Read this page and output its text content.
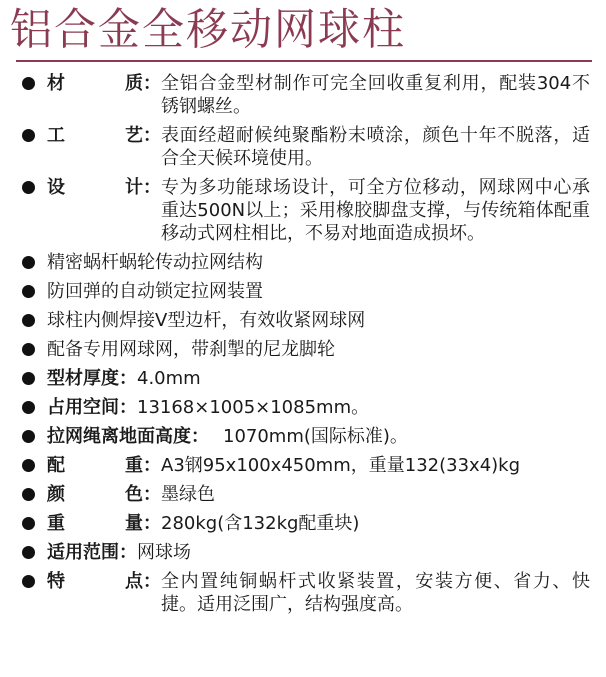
铝合金全移动网球柱
材	质 ： 全铝合金型材制作可完全回收重复利用，配装304不锈钢螺丝。
工	艺 ： 表面经超耐候纯聚酯粉末喷涂，颜色十年不脱落，适合全天候环境使用。
设	计 ： 专为多功能球场设计，可全方位移动，网球网中心承重达500N以上；采用橡胶脚盘支撑，与传统箱体配重移动式网柱相比，不易对地面造成损坏。
精密蜗杆蜗轮传动拉网结构
防回弹的自动锁定拉网装置
球柱内侧焊接V型边杆，有效收紧网球网
配备专用网球网，带刹掣的尼龙脚轮
型材厚度 ： 4.0mm
占用空间 ： 13168×1005×1085mm。
拉网绳离地面高度 ： 1070mm(国际标准)。
配	重 ： A3钢95x100x450mm，重量132(33x4)kg
颜	色 ： 墨绿色
重	量 ： 280kg(含132kg配重块)
适用范围 ： 网球场
特	点 ： 全内置纯铜蜗杆式收紧装置，安装方便、省力、快捷。适用泛围广，结构强度高。
